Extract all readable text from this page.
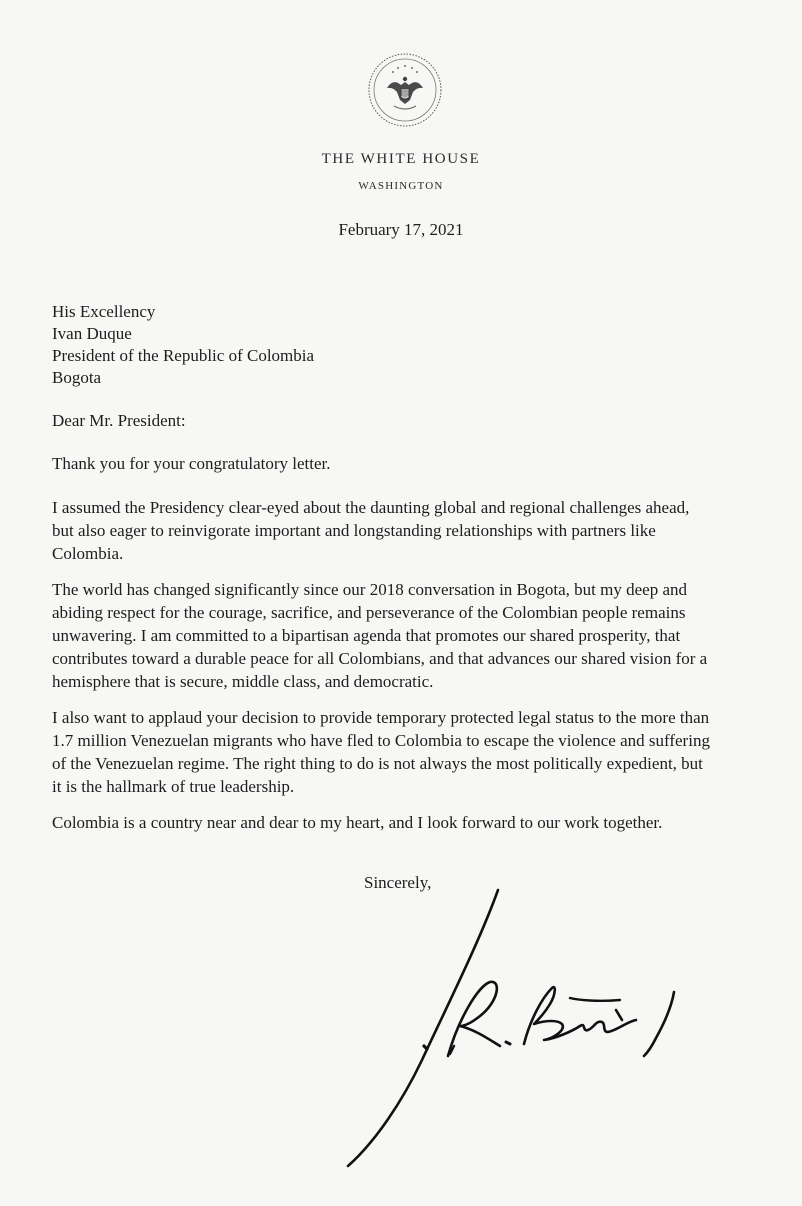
THE WHITE HOUSE
WASHINGTON
February 17, 2021
His Excellency
Ivan Duque
President of the Republic of Colombia
Bogota
Dear Mr. President:
Thank you for your congratulatory letter.
I assumed the Presidency clear-eyed about the daunting global and regional challenges ahead,
but also eager to reinvigorate important and longstanding relationships with partners like
Colombia.
The world has changed significantly since our 2018 conversation in Bogota, but my deep and
abiding respect for the courage, sacrifice, and perseverance of the Colombian people remains
unwavering. I am committed to a bipartisan agenda that promotes our shared prosperity, that
contributes toward a durable peace for all Colombians, and that advances our shared vision for a
hemisphere that is secure, middle class, and democratic.
I also want to applaud your decision to provide temporary protected legal status to the more than
1.7 million Venezuelan migrants who have fled to Colombia to escape the violence and suffering
of the Venezuelan regime. The right thing to do is not always the most politically expedient, but
it is the hallmark of true leadership.
Colombia is a country near and dear to my heart, and I look forward to our work together.
Sincerely,
